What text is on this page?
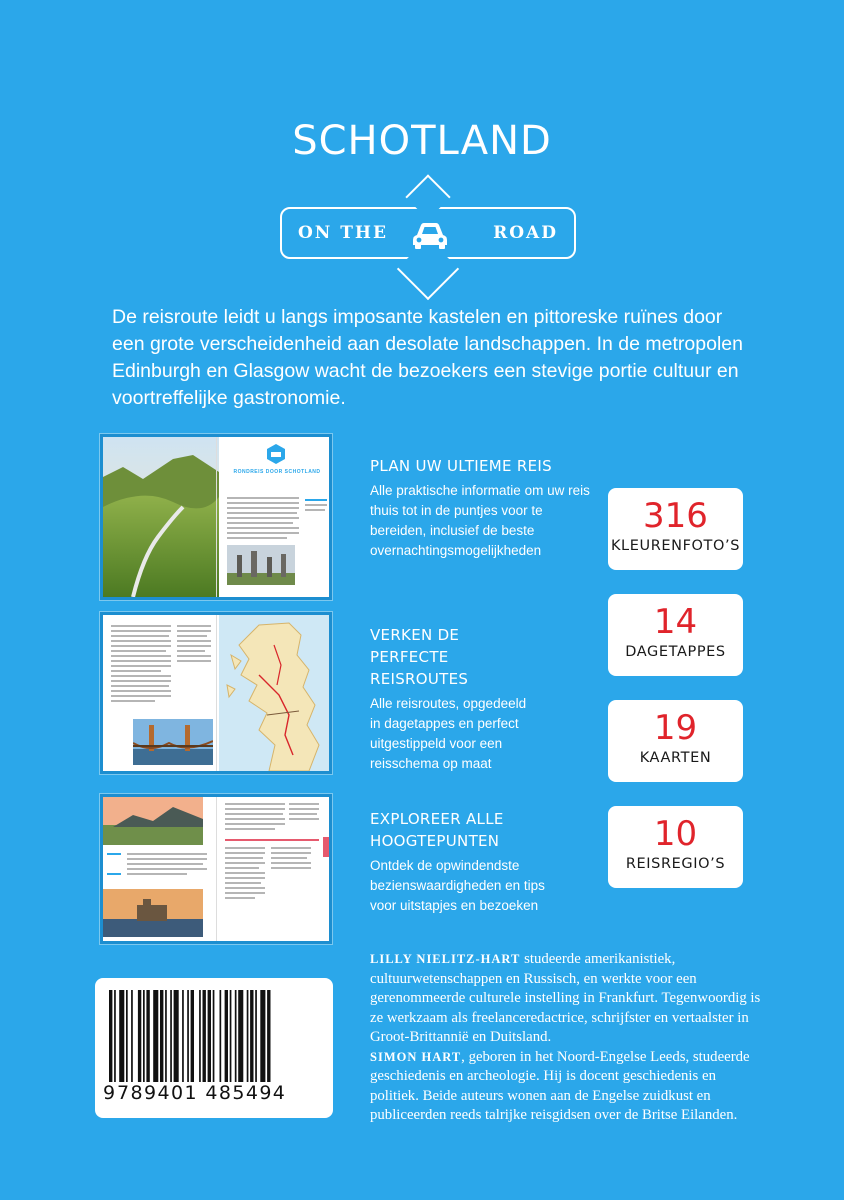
SCHOTLAND
ON THE	ROAD
De reisroute leidt u langs imposante kastelen en pittoreske ruïnes door een grote verscheidenheid aan desolate landschappen. In de metropolen Edinburgh en Glasgow wacht de bezoekers een stevige portie cultuur en voortreffelijke gastronomie.
RONDREIS DOOR SCHOTLAND	PLAN UW ULTIEME REIS

Alle praktische informatie om uw reis thuis tot in de puntjes voor te bereiden, inclusief de beste overnachtingsmogelijkheden

VERKEN DE PERFECTE REISROUTES

Alle reisroutes, opgedeeld in dagetappes en perfect uitgestippeld voor een reisschema op maat

EXPLOREER ALLE HOOGTEPUNTEN

Ontdek de opwindendste bezienswaardigheden en tips voor uitstapjes en bezoeken

316
KLEURENFOTO’S
14
DAGETAPPES
19
KAARTEN
10
REISREGIO’S
9 789401 485494
LILLY NIELITZ-HART studeerde amerikanistiek, cultuurwetenschappen en Russisch, en werkte voor een gerenommeerde culturele instelling in Frankfurt. Tegenwoordig is ze werkzaam als freelanceredactrice, schrijfster en vertaalster in Groot-Brittannië en Duitsland.
SIMON HART, geboren in het Noord-Engelse Leeds, studeerde geschiedenis en archeologie. Hij is docent geschiedenis en politiek. Beide auteurs wonen aan de Engelse zuidkust en publiceerden reeds talrijke reisgidsen over de Britse Eilanden.
